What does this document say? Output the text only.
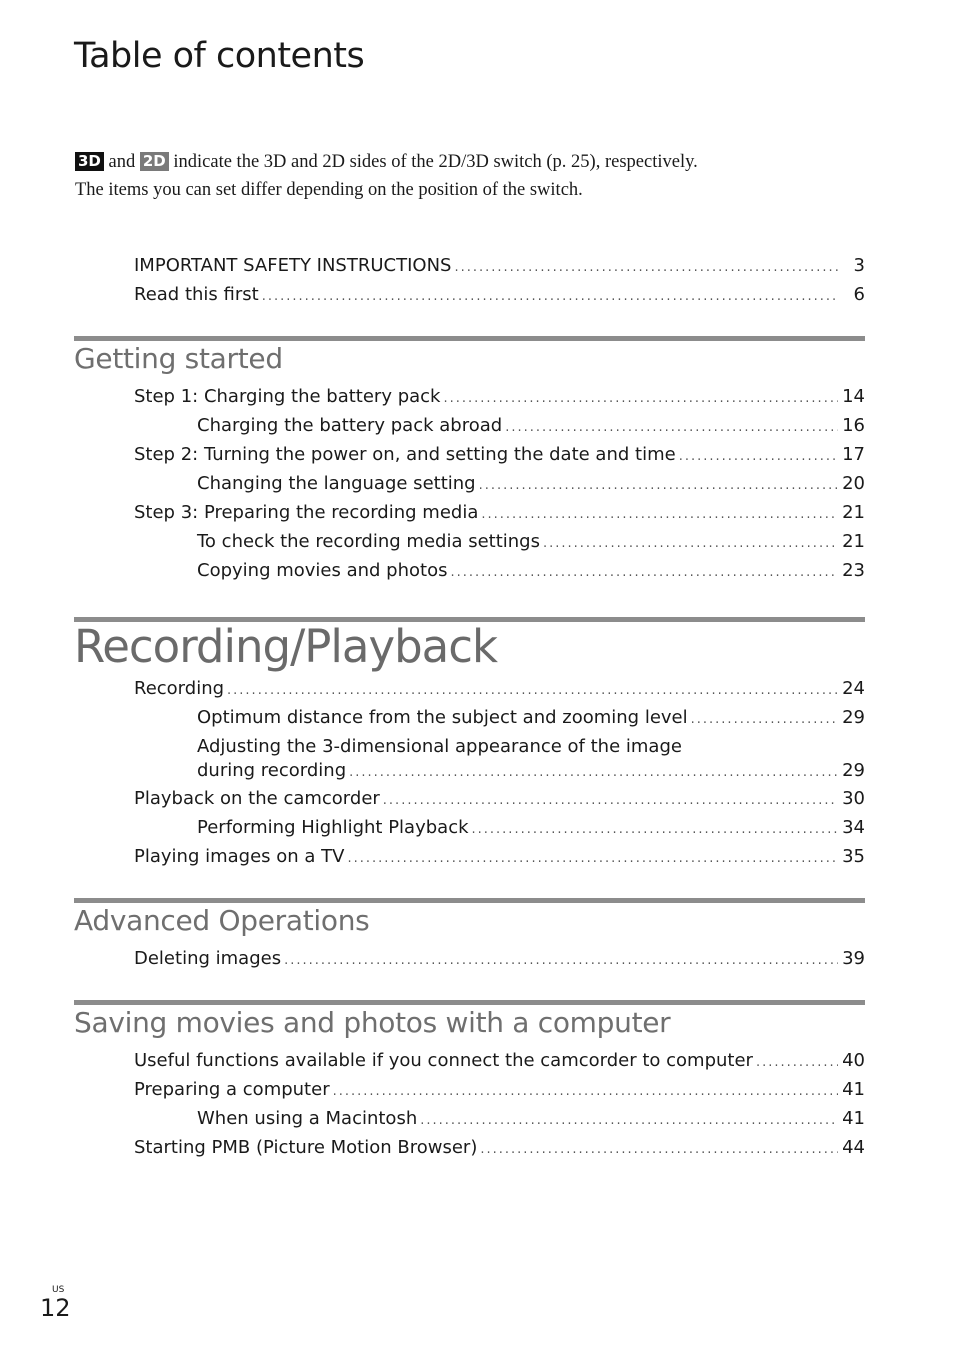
Table of contents
3D and 2D indicate the 3D and 2D sides of the 2D/3D switch (p. 25), respectively.
The items you can set differ depending on the position of the switch.
IMPORTANT SAFETY INSTRUCTIONS .....	3
Read this first .....	6
Getting started
Step 1: Charging the battery pack .....	14
Charging the battery pack abroad .....	16
Step 2: Turning the power on, and setting the date and time .....	17
Changing the language setting .....	20
Step 3: Preparing the recording media .....	21
To check the recording media settings .....	21
Copying movies and photos .....	23
Recording/Playback
Recording .....	24
Optimum distance from the subject and zooming level .....	29
Adjusting the 3-dimensional appearance of the image
during recording .....	29
Playback on the camcorder .....	30
Performing Highlight Playback .....	34
Playing images on a TV .....	35
Advanced Operations
Deleting images .....	39
Saving movies and photos with a computer
Useful functions available if you connect the camcorder to computer .....	40
Preparing a computer .....	41
When using a Macintosh .....	41
Starting PMB (Picture Motion Browser) .....	44
US
12
